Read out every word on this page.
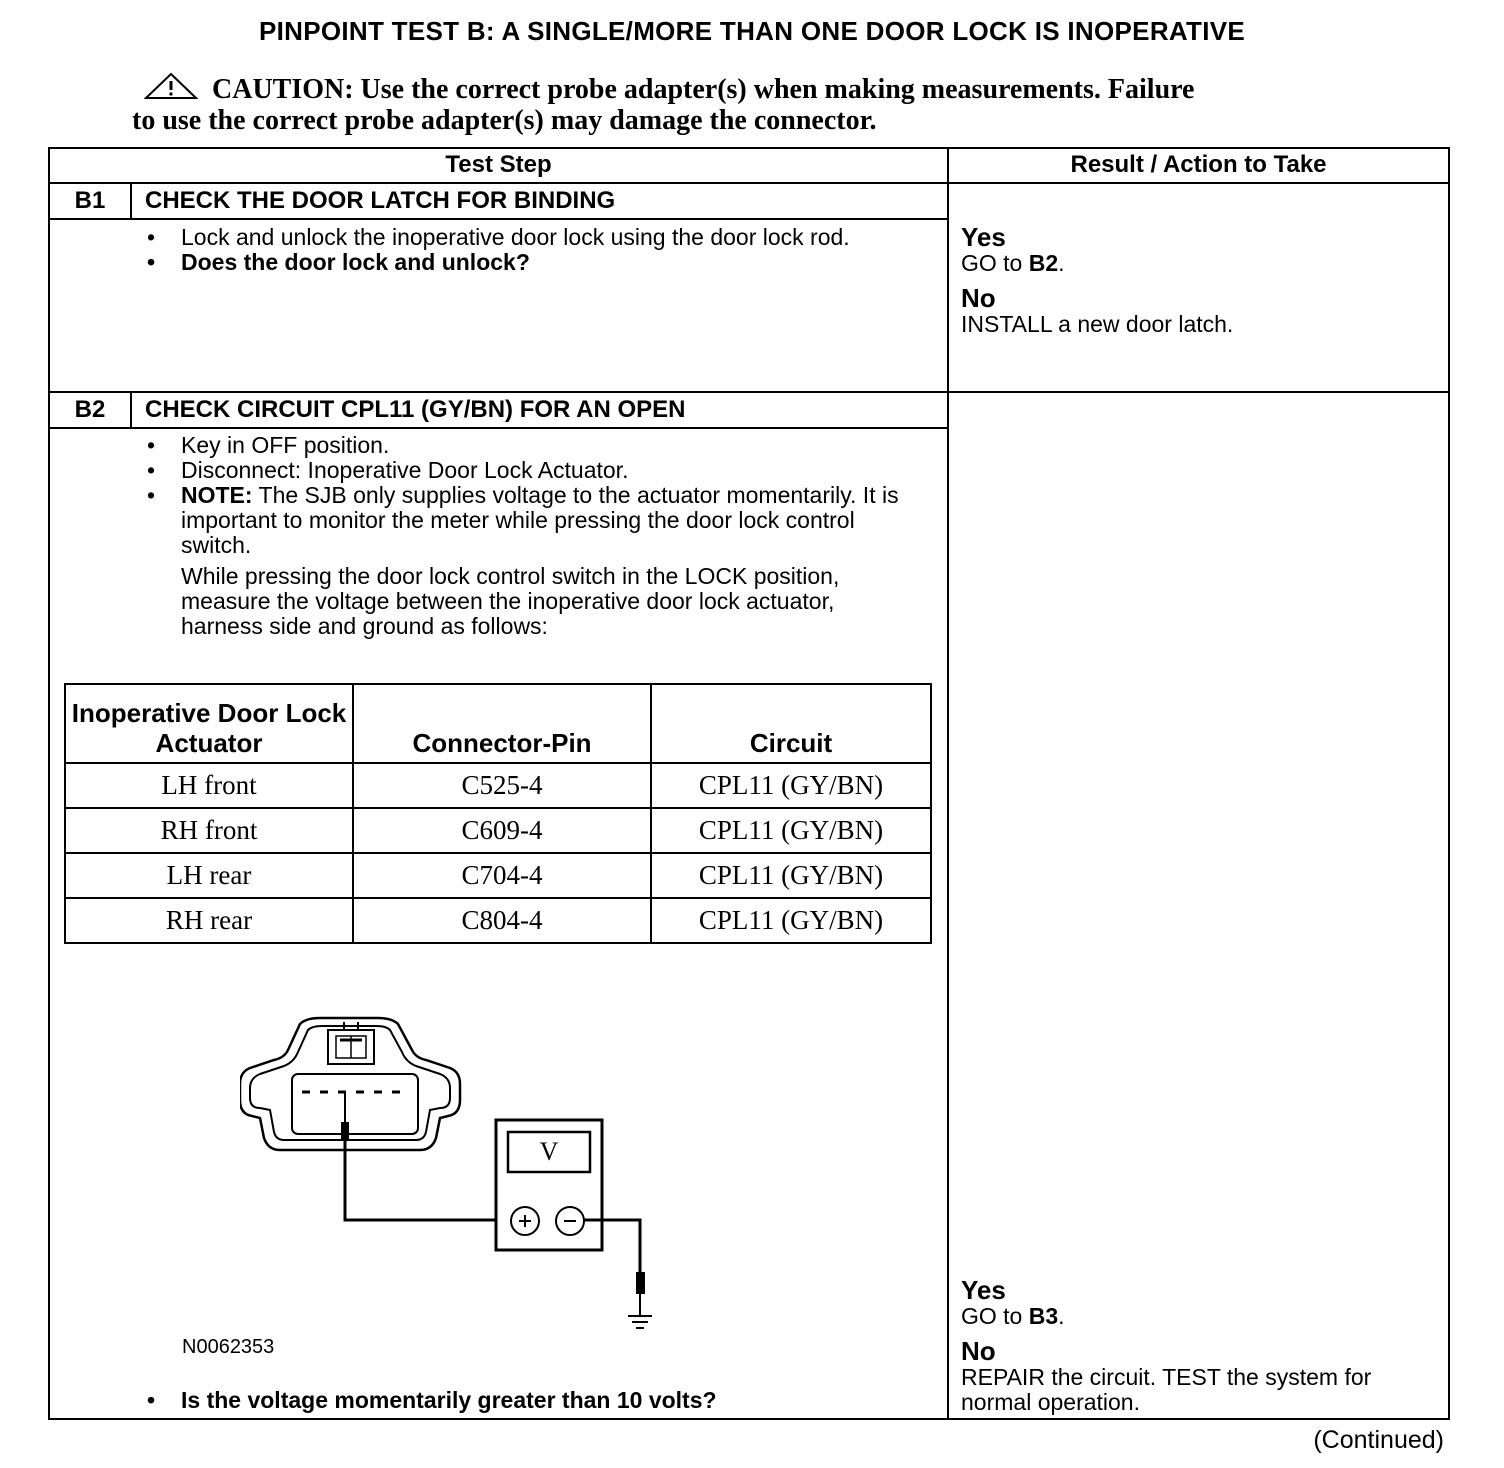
PINPOINT TEST B: A SINGLE/MORE THAN ONE DOOR LOCK IS INOPERATIVE
CAUTION: Use the correct probe adapter(s) when making measurements. Failure
to use the correct probe adapter(s) may damage the connector.
Test Step	Result / Action to Take
B1	CHECK THE DOOR LATCH FOR BINDING
• Lock and unlock the inoperative door lock using the door lock rod.
• Does the door lock and unlock?
Yes
GO to B2.
No
INSTALL a new door latch.
B2	CHECK CIRCUIT CPL11 (GY/BN) FOR AN OPEN
• Key in OFF position.
• Disconnect: Inoperative Door Lock Actuator.
• NOTE: The SJB only supplies voltage to the actuator momentarily. It is important to monitor the meter while pressing the door lock control switch.
While pressing the door lock control switch in the LOCK position, measure the voltage between the inoperative door lock actuator, harness side and ground as follows:
Inoperative Door Lock Actuator	Connector-Pin	Circuit
LH front	C525-4	CPL11 (GY/BN)
RH front	C609-4	CPL11 (GY/BN)
LH rear	C704-4	CPL11 (GY/BN)
RH rear	C804-4	CPL11 (GY/BN)
V
N0062353
• Is the voltage momentarily greater than 10 volts?
Yes
GO to B3.
No
REPAIR the circuit. TEST the system for normal operation.
(Continued)
